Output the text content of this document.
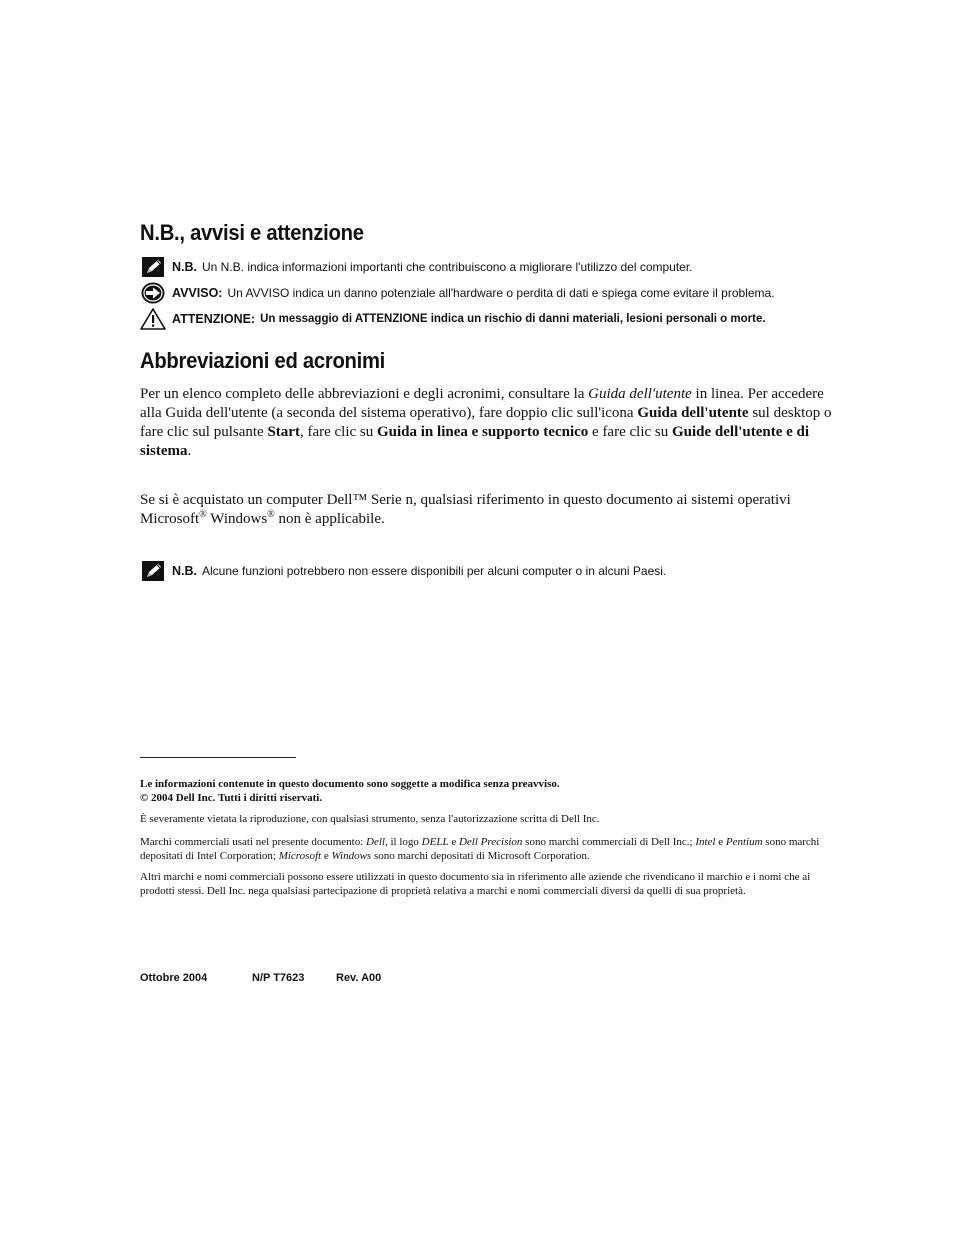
N.B., avvisi e attenzione
N.B. Un N.B. indica informazioni importanti che contribuiscono a migliorare l'utilizzo del computer.
AVVISO: Un AVVISO indica un danno potenziale all'hardware o perdita di dati e spiega come evitare il problema.
ATTENZIONE: Un messaggio di ATTENZIONE indica un rischio di danni materiali, lesioni personali o morte.
Abbreviazioni ed acronimi

Per un elenco completo delle abbreviazioni e degli acronimi, consultare la Guida dell'utente in linea. Per accedere alla Guida dell'utente (a seconda del sistema operativo), fare doppio clic sull'icona Guida dell'utente sul desktop o fare clic sul pulsante Start, fare clic su Guida in linea e supporto tecnico e fare clic su Guide dell'utente e di sistema.

Se si è acquistato un computer Dell™ Serie n, qualsiasi riferimento in questo documento ai sistemi operativi Microsoft® Windows® non è applicabile.

N.B. Alcune funzioni potrebbero non essere disponibili per alcuni computer o in alcuni Paesi.

Le informazioni contenute in questo documento sono soggette a modifica senza preavviso.
© 2004 Dell Inc. Tutti i diritti riservati.

È severamente vietata la riproduzione, con qualsiasi strumento, senza l'autorizzazione scritta di Dell Inc.

Marchi commerciali usati nel presente documento: Dell, il logo DELL e Dell Precision sono marchi commerciali di Dell Inc.; Intel e Pentium sono marchi depositati di Intel Corporation; Microsoft e Windows sono marchi depositati di Microsoft Corporation.

Altri marchi e nomi commerciali possono essere utilizzati in questo documento sia in riferimento alle aziende che rivendicano il marchio e i nomi che ai prodotti stessi. Dell Inc. nega qualsiasi partecipazione di proprietà relativa a marchi e nomi commerciali diversi da quelli di sua proprietà.

Ottobre 2004	N/P T7623	Rev. A00
